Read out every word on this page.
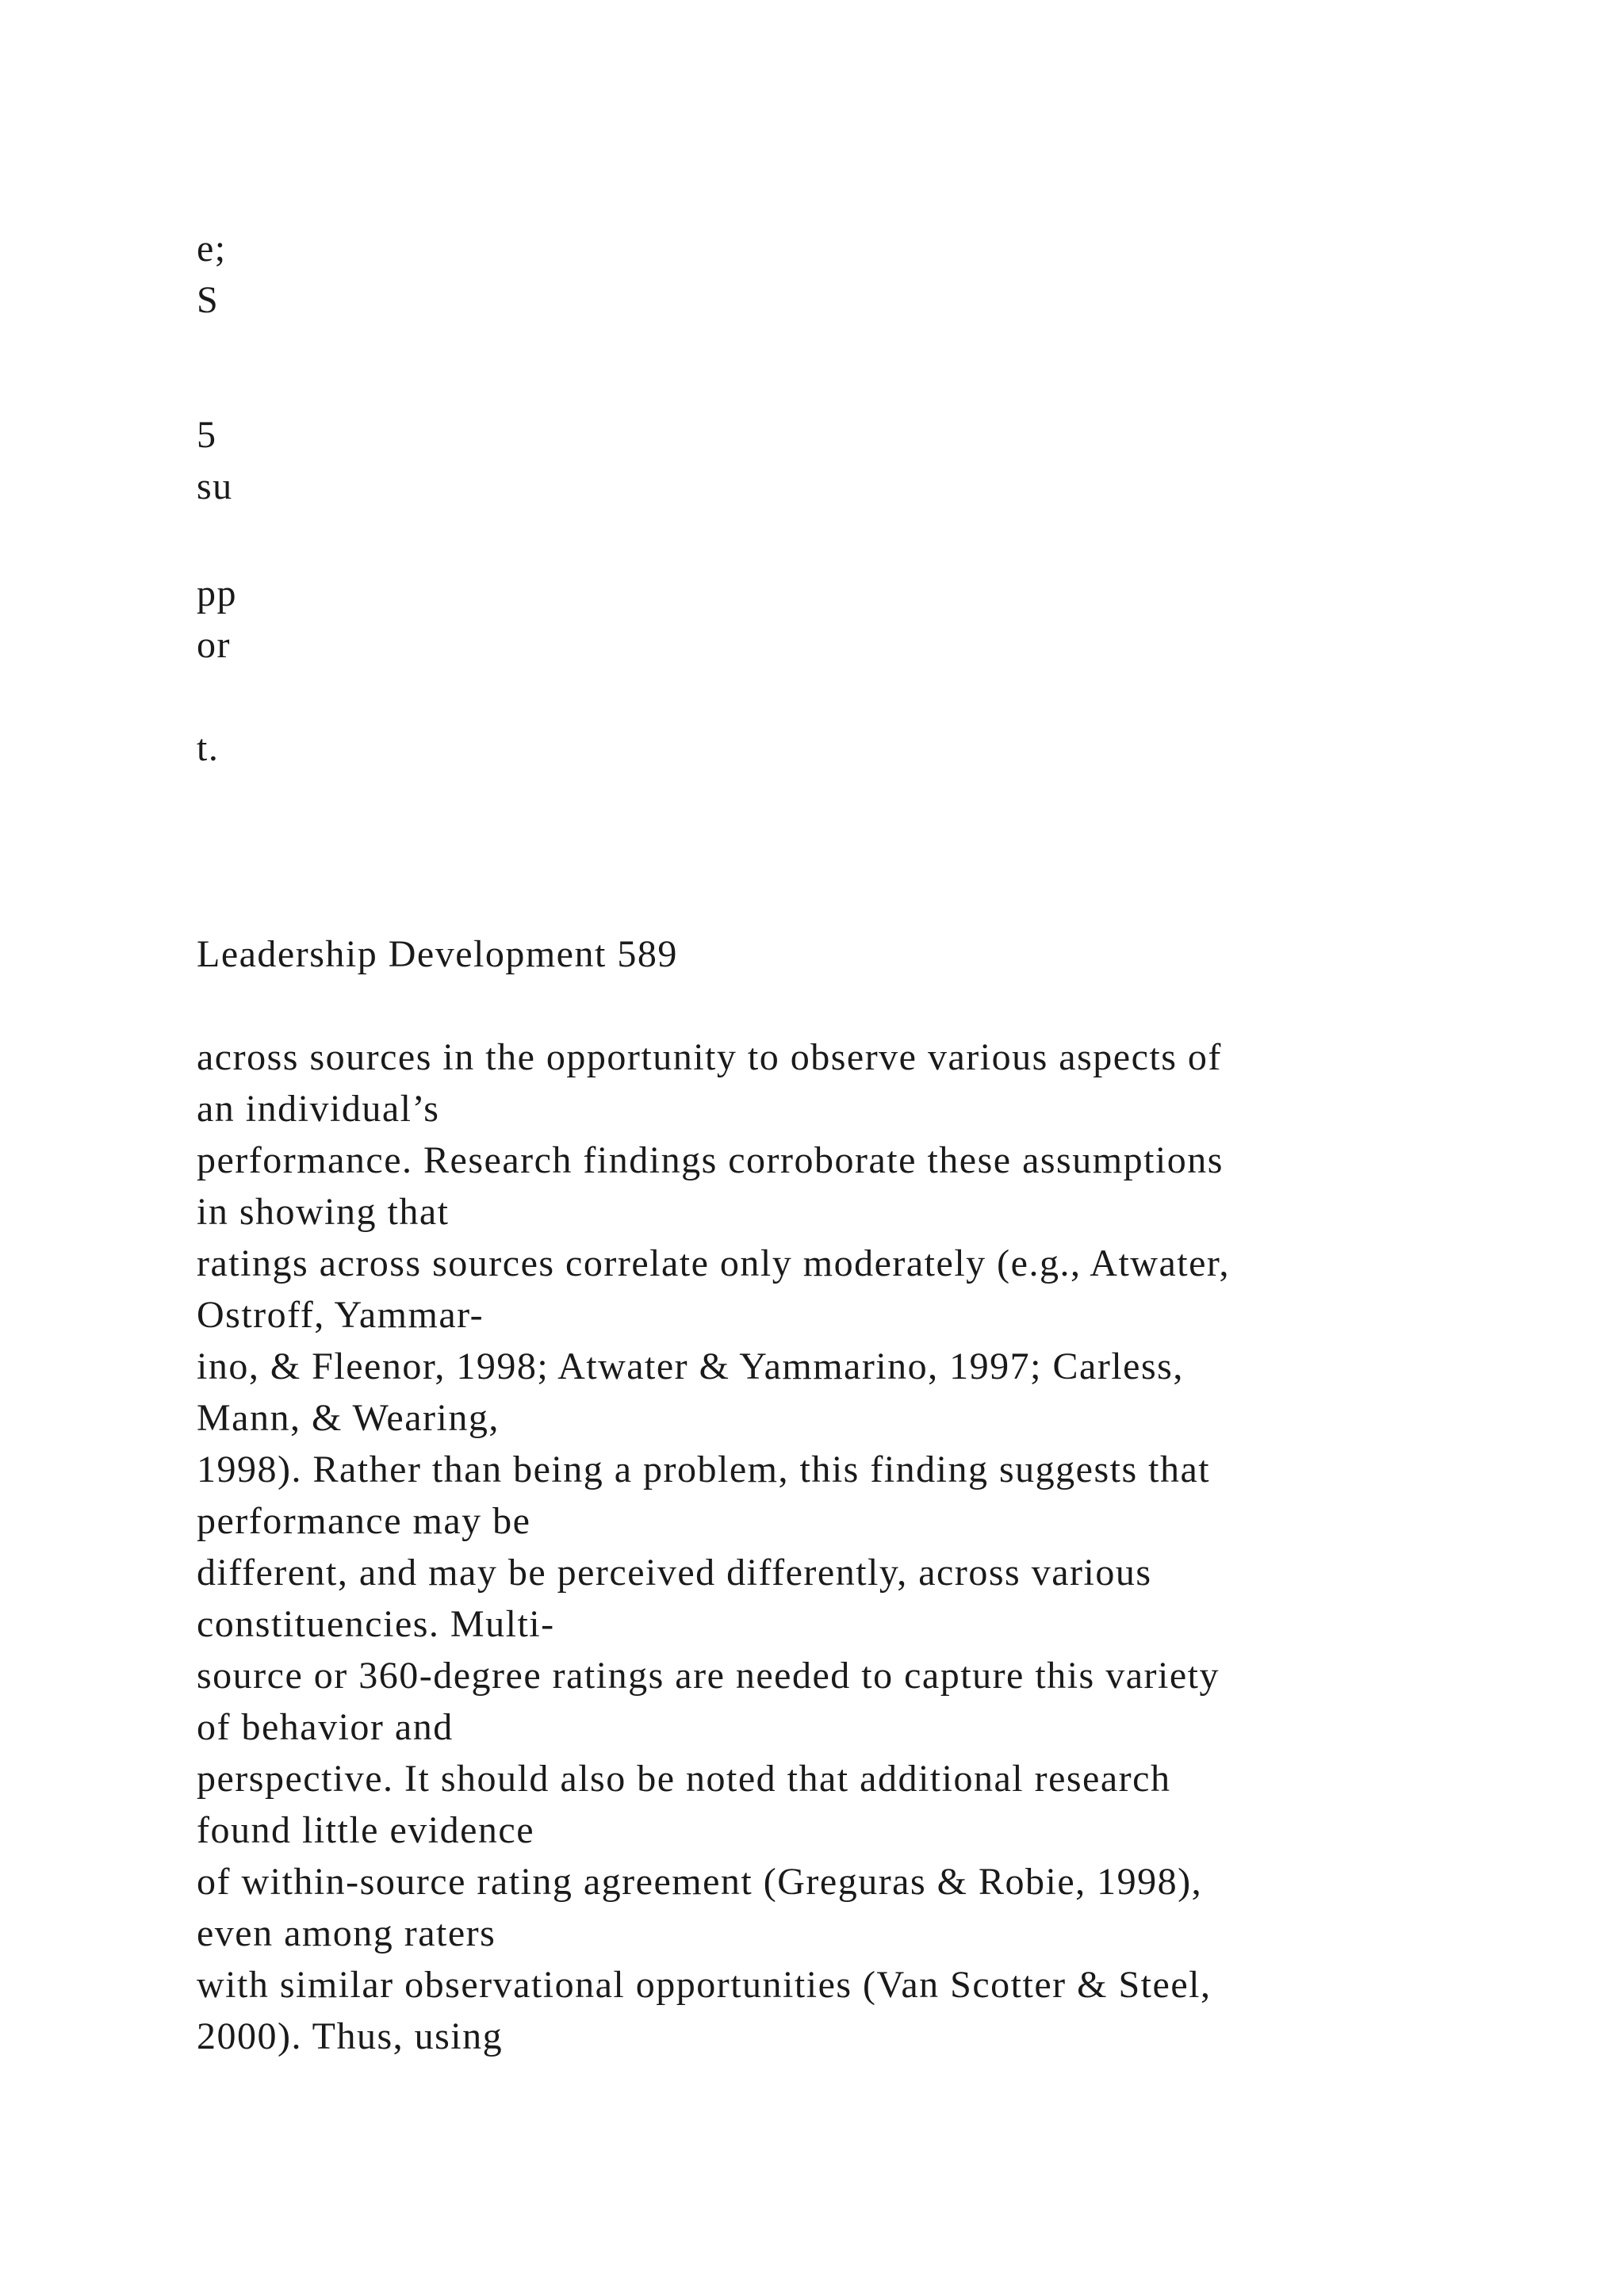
e;
S
5
su
pp
or
t.
Leadership Development 589
across sources in the opportunity to observe various aspects of
an individual’s
performance. Research findings corroborate these assumptions
in showing that
ratings across sources correlate only moderately (e.g., Atwater,
Ostroff, Yammar-
ino, & Fleenor, 1998; Atwater & Yammarino, 1997; Carless,
Mann, & Wearing,
1998). Rather than being a problem, this finding suggests that
performance may be
different, and may be perceived differently, across various
constituencies. Multi-
source or 360-degree ratings are needed to capture this variety
of behavior and
perspective. It should also be noted that additional research
found little evidence
of within-source rating agreement (Greguras & Robie, 1998),
even among raters
with similar observational opportunities (Van Scotter & Steel,
2000). Thus, using
